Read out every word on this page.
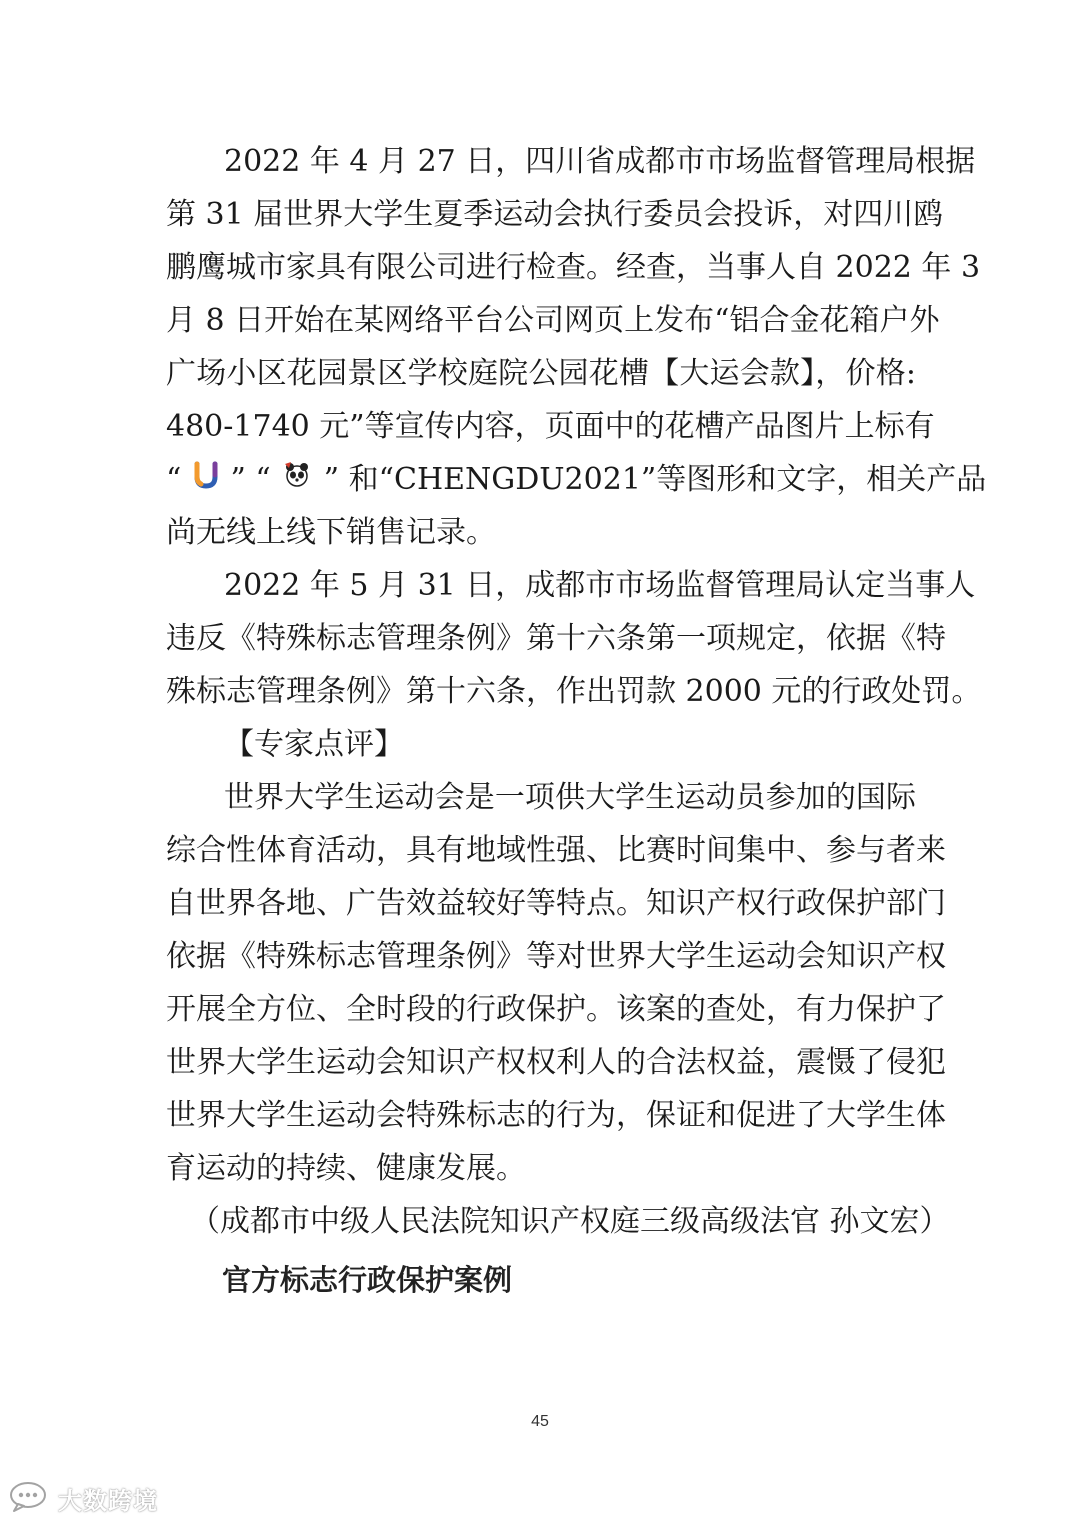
2022 年 4 月 27 日，四川省成都市市场监督管理局根据
第 31 届世界大学生夏季运动会执行委员会投诉，对四川鸥
鹏鹰城市家具有限公司进行检查。经查，当事人自 2022 年 3
月 8 日开始在某网络平台公司网页上发布“铝合金花箱户外
广场小区花园景区学校庭院公园花槽【大运会款】，价格:
480-1740 元”等宣传内容，页面中的花槽产品图片上标有
“ ” “ ” 和“CHENGDU2021”等图形和文字，相关产品
尚无线上线下销售记录。
2022 年 5 月 31 日，成都市市场监督管理局认定当事人
违反《特殊标志管理条例》第十六条第一项规定，依据《特
殊标志管理条例》第十六条，作出罚款 2000 元的行政处罚。
【专家点评】
世界大学生运动会是一项供大学生运动员参加的国际
综合性体育活动，具有地域性强、比赛时间集中、参与者来
自世界各地、广告效益较好等特点。知识产权行政保护部门
依据《特殊标志管理条例》等对世界大学生运动会知识产权
开展全方位、全时段的行政保护。该案的查处，有力保护了
世界大学生运动会知识产权权利人的合法权益，震慑了侵犯
世界大学生运动会特殊标志的行为，保证和促进了大学生体
育运动的持续、健康发展。
（成都市中级人民法院知识产权庭三级高级法官 孙文宏）
官方标志行政保护案例
45
大数跨境
